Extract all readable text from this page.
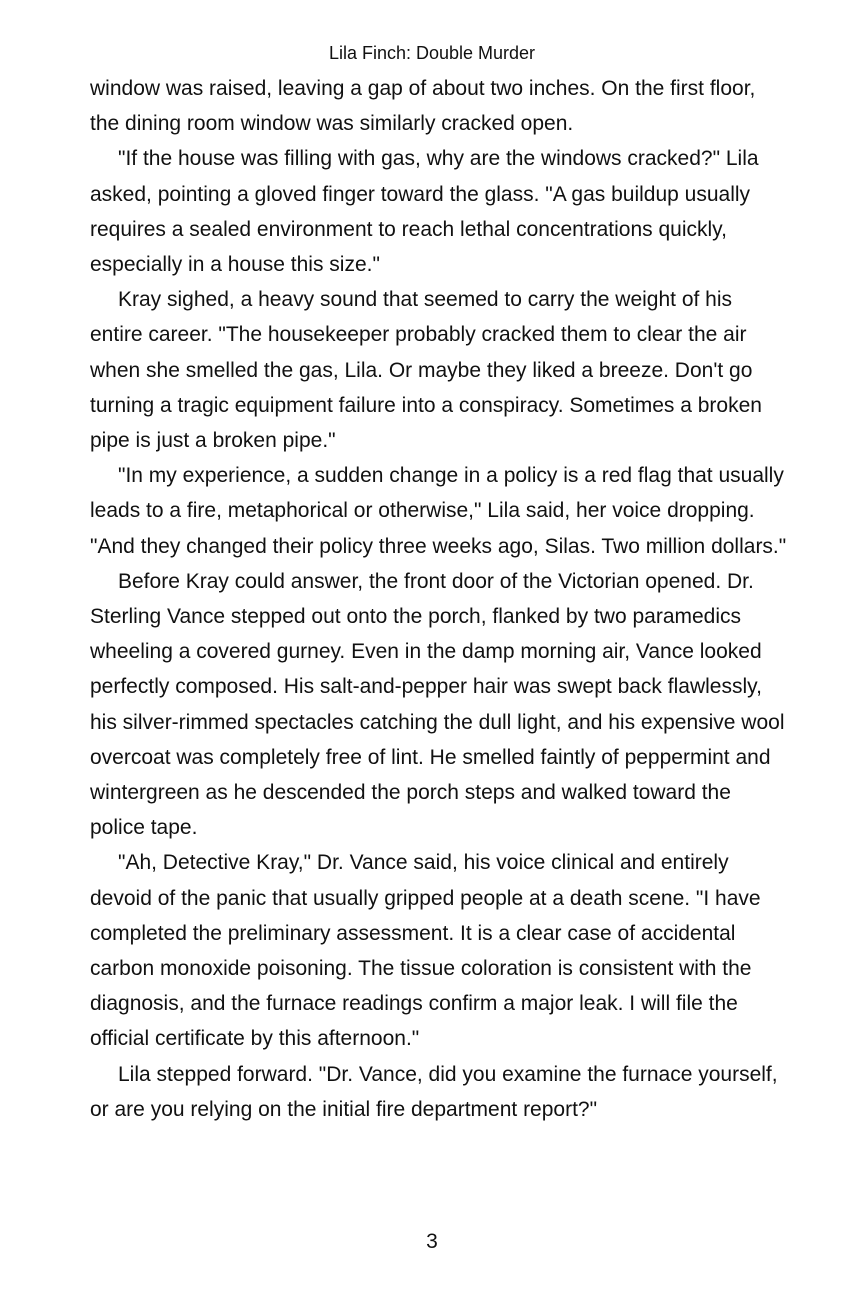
Lila Finch: Double Murder

window was raised, leaving a gap of about two inches. On the first floor, the dining room window was similarly cracked open.

"If the house was filling with gas, why are the windows cracked?" Lila asked, pointing a gloved finger toward the glass. "A gas buildup usually requires a sealed environment to reach lethal concentrations quickly, especially in a house this size."

Kray sighed, a heavy sound that seemed to carry the weight of his entire career. "The housekeeper probably cracked them to clear the air when she smelled the gas, Lila. Or maybe they liked a breeze. Don't go turning a tragic equipment failure into a conspiracy. Sometimes a broken pipe is just a broken pipe."

"In my experience, a sudden change in a policy is a red flag that usually leads to a fire, metaphorical or otherwise," Lila said, her voice dropping. "And they changed their policy three weeks ago, Silas. Two million dollars."

Before Kray could answer, the front door of the Victorian opened. Dr. Sterling Vance stepped out onto the porch, flanked by two paramedics wheeling a covered gurney. Even in the damp morning air, Vance looked perfectly composed. His salt-and-pepper hair was swept back flawlessly, his silver-rimmed spectacles catching the dull light, and his expensive wool overcoat was completely free of lint. He smelled faintly of peppermint and wintergreen as he descended the porch steps and walked toward the police tape.

"Ah, Detective Kray," Dr. Vance said, his voice clinical and entirely devoid of the panic that usually gripped people at a death scene. "I have completed the preliminary assessment. It is a clear case of accidental carbon monoxide poisoning. The tissue coloration is consistent with the diagnosis, and the furnace readings confirm a major leak. I will file the official certificate by this afternoon."

Lila stepped forward. "Dr. Vance, did you examine the furnace yourself, or are you relying on the initial fire department report?"

3
